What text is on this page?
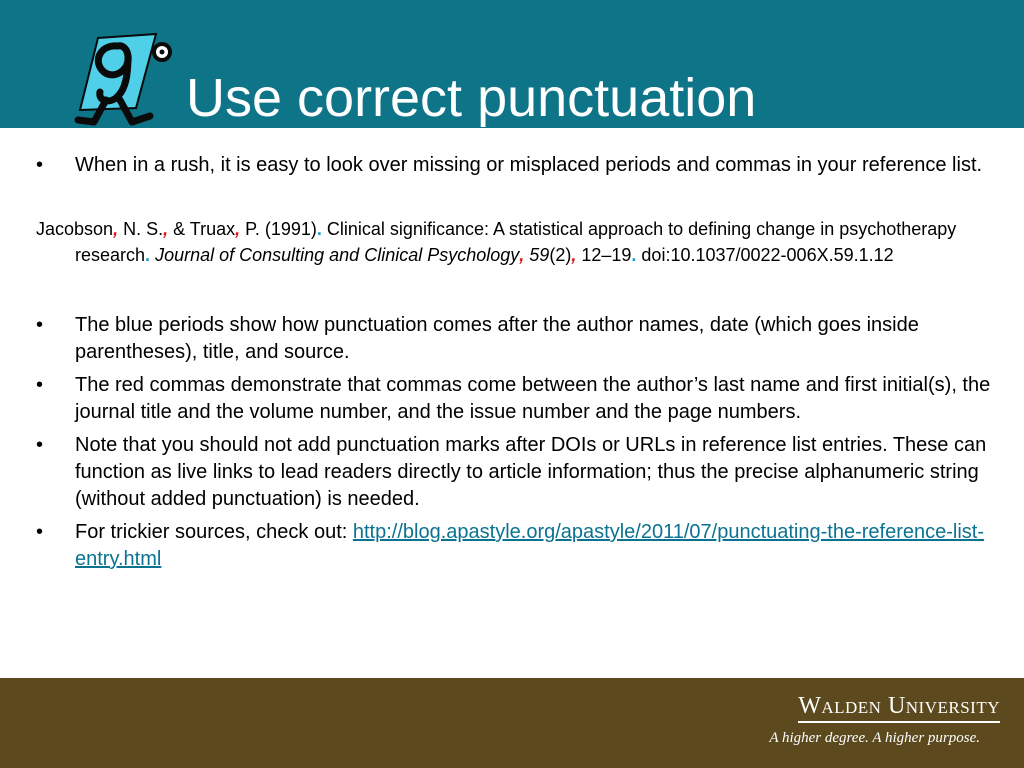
Use correct punctuation
• When in a rush, it is easy to look over missing or misplaced periods and commas in your reference list.

Jacobson, N. S., & Truax, P. (1991). Clinical significance: A statistical approach to defining change in psychotherapy research. Journal of Consulting and Clinical Psychology, 59(2), 12–19. doi:10.1037/0022-006X.59.1.12

• The blue periods show how punctuation comes after the author names, date (which goes inside parentheses), title, and source.
• The red commas demonstrate that commas come between the author’s last name and first initial(s), the journal title and the volume number, and the issue number and the page numbers.
• Note that you should not add punctuation marks after DOIs or URLs in reference list entries. These can function as live links to lead readers directly to article information; thus the precise alphanumeric string (without added punctuation) is needed.
• For trickier sources, check out: http://blog.apastyle.org/apastyle/2011/07/punctuating-the-reference-list-entry.html
Walden University
A higher degree. A higher purpose.
